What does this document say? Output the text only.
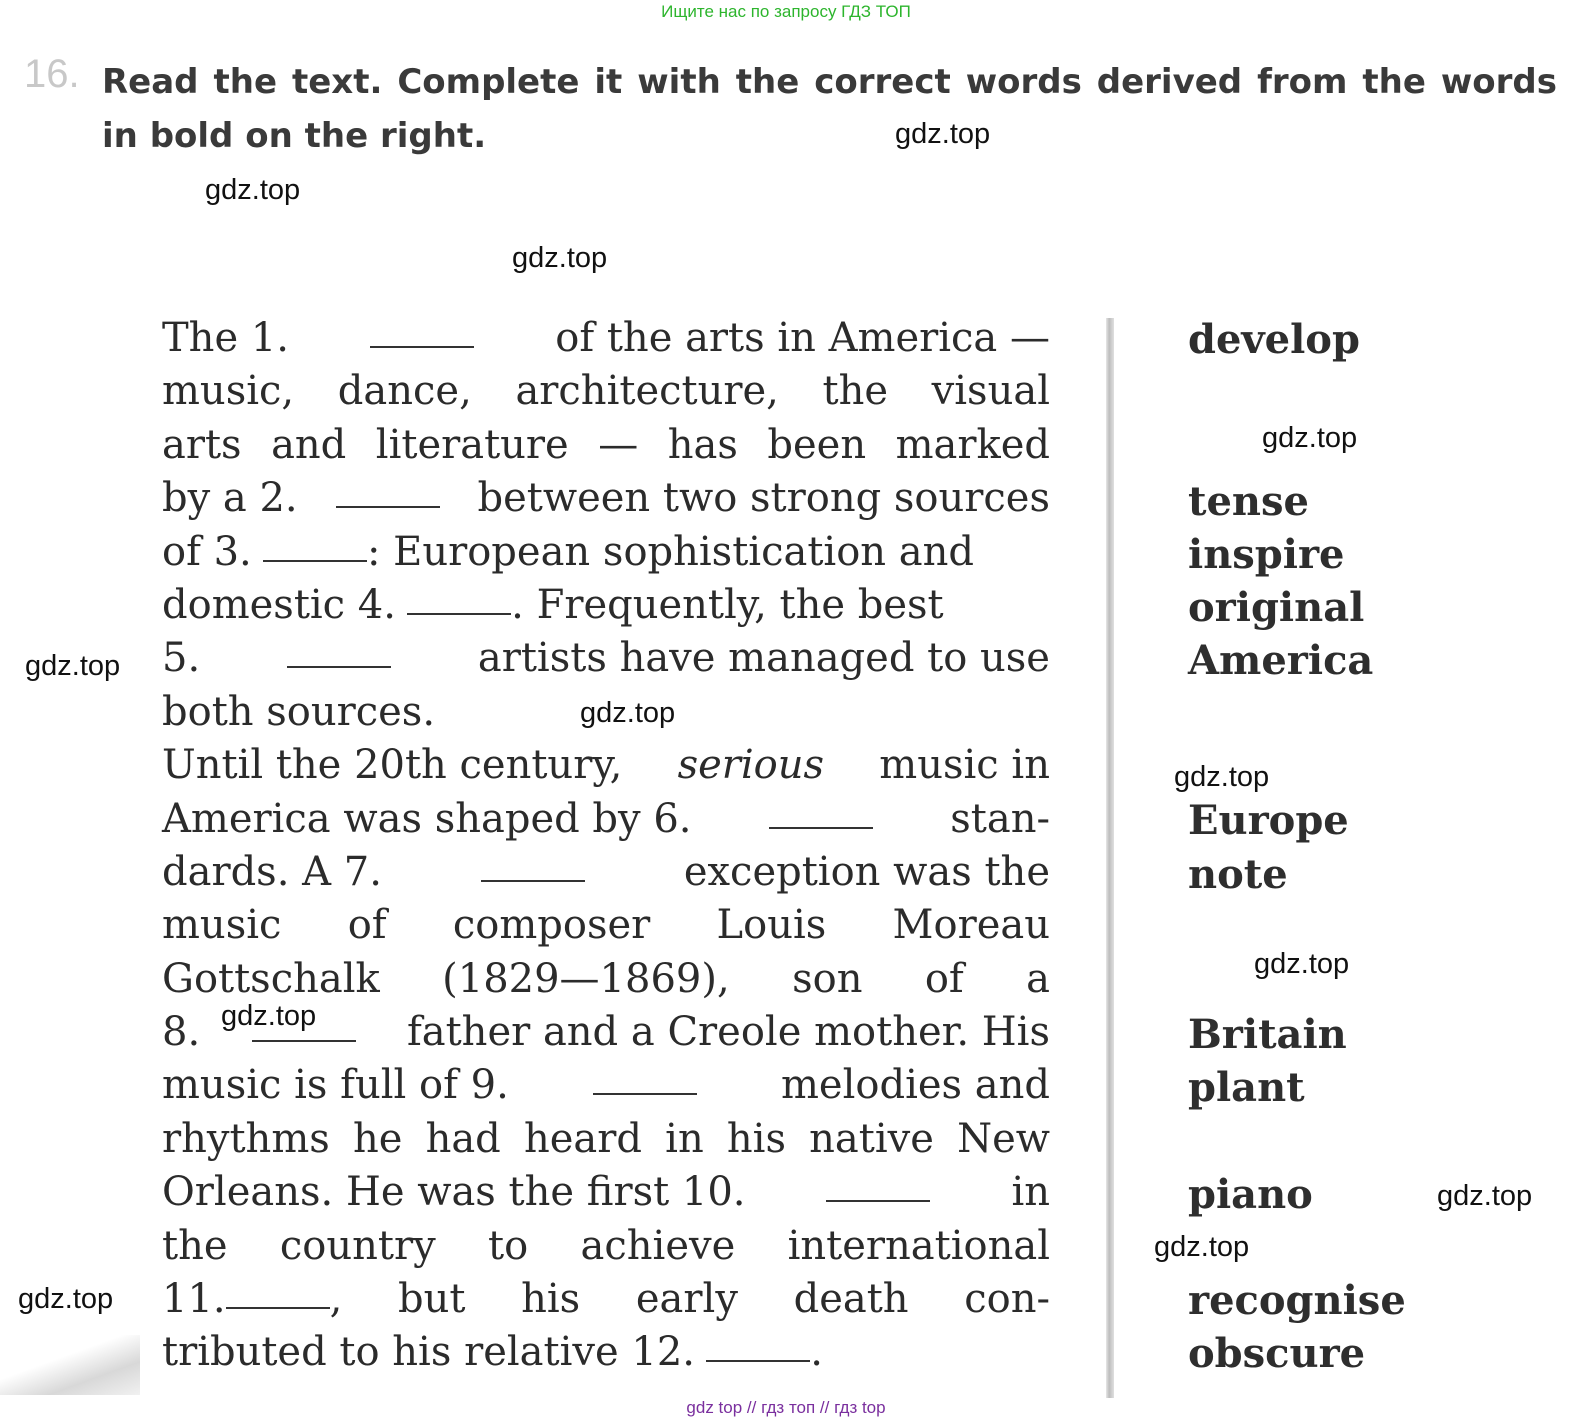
Ищите нас по запросу ГДЗ ТОП
16. Read the text. Complete it with the correct words derived from the words in bold on the right.
The 1.	of the arts in America —
music, dance, architecture, the visual
arts and literature — has been marked
by a 2.	between two strong sources
of 3.	: European sophistication and
domestic 4.	. Frequently, the best
5.	artists have managed to use
both sources.
Until the 20th century, serious music in
America was shaped by 6.	stan-
dards. A 7.	exception was the
music of composer Louis Moreau
Gottschalk (1829—1869), son of a
8.	father and a Creole mother. His
music is full of 9.	melodies and
rhythms he had heard in his native New
Orleans. He was the first 10.	in
the country to achieve international
11.	, but his early death con-
tributed to his relative 12.	.
develop
tense
inspire
original
America
Europe
note
Britain
plant
piano
recognise
obscure
gdz.top
gdz.top
gdz.top
gdz.top
gdz.top
gdz.top
gdz.top
gdz.top
gdz.top
gdz.top
gdz.top
gdz.top
gdz top // гдз топ // гдз top
